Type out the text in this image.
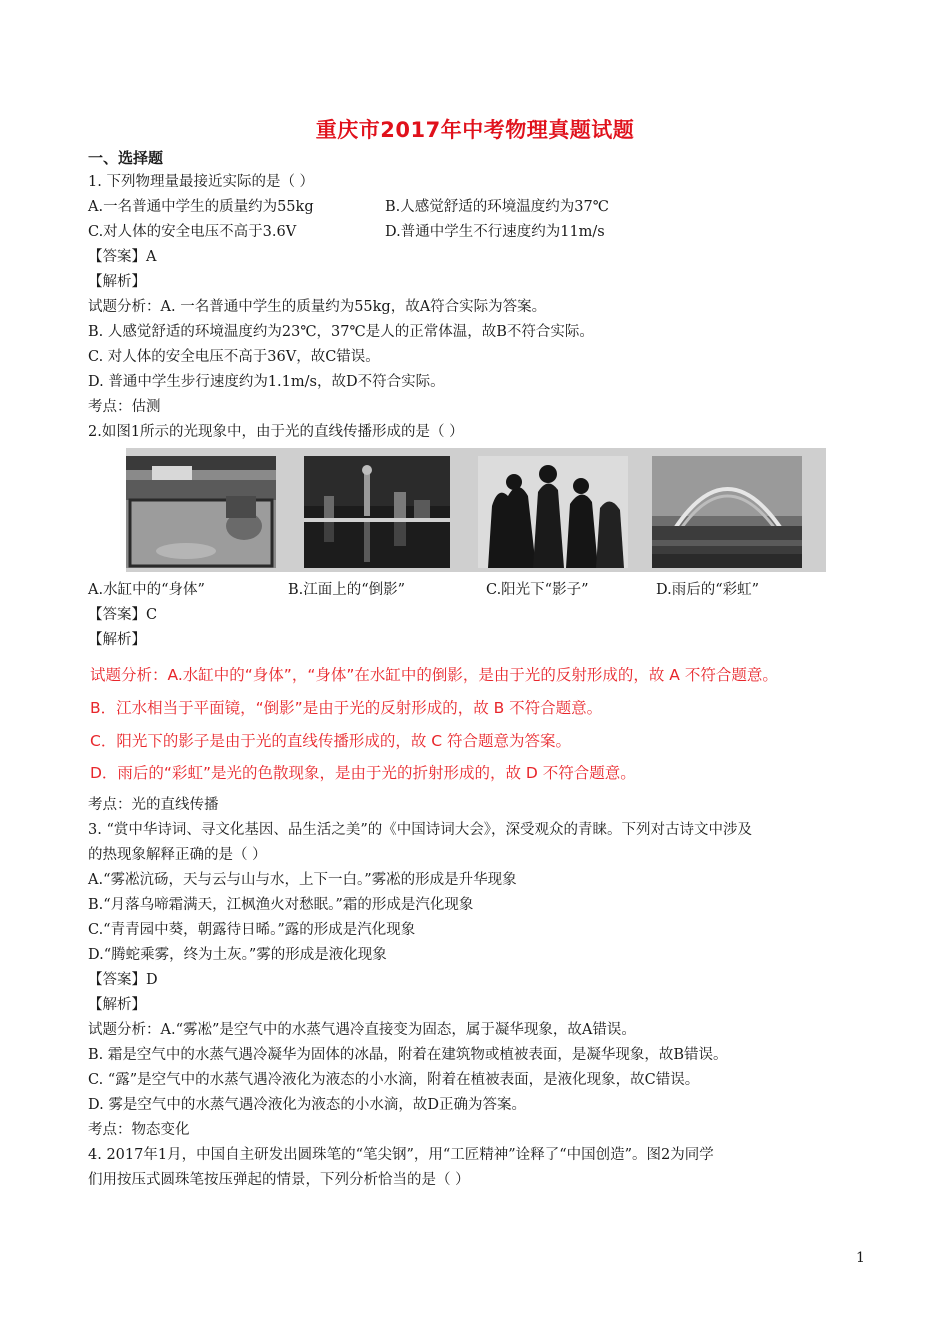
重庆市2017年中考物理真题试题
一、选择题
1. 下列物理量最接近实际的是（ ）
A.一名普通中学生的质量约为55kg	B.人感觉舒适的环境温度约为37℃
C.对人体的安全电压不高于3.6V	D.普通中学生不行速度约为11m/s
【答案】A
【解析】
试题分析：A. 一名普通中学生的质量约为55kg，故A符合实际为答案。
B. 人感觉舒适的环境温度约为23℃，37℃是人的正常体温，故B不符合实际。
C. 对人体的安全电压不高于36V，故C错误。
D. 普通中学生步行速度约为1.1m/s，故D不符合实际。
考点：估测
2.如图1所示的光现象中，由于光的直线传播形成的是（ ）
A.水缸中的“身体”	B.江面上的“倒影”	C.阳光下“影子”	D.雨后的“彩虹”
【答案】C
【解析】
试题分析：A.水缸中的“身体”，“身体”在水缸中的倒影，是由于光的反射形成的，故 A 不符合题意。
B．江水相当于平面镜，“倒影”是由于光的反射形成的，故 B 不符合题意。
C．阳光下的影子是由于光的直线传播形成的，故 C 符合题意为答案。
D．雨后的“彩虹”是光的色散现象，是由于光的折射形成的，故 D 不符合题意。
考点：光的直线传播
3. “赏中华诗词、寻文化基因、品生活之美”的《中国诗词大会》，深受观众的青睐。下列对古诗文中涉及
的热现象解释正确的是（ ）
A.“雾凇沆砀，天与云与山与水，上下一白。”雾凇的形成是升华现象
B.“月落乌啼霜满天，江枫渔火对愁眠。”霜的形成是汽化现象
C.“青青园中葵，朝露待日晞。”露的形成是汽化现象
D.“腾蛇乘雾，终为土灰。”雾的形成是液化现象
【答案】D
【解析】
试题分析：A.“雾凇”是空气中的水蒸气遇冷直接变为固态，属于凝华现象，故A错误。
B. 霜是空气中的水蒸气遇冷凝华为固体的冰晶，附着在建筑物或植被表面，是凝华现象，故B错误。
C. “露”是空气中的水蒸气遇冷液化为液态的小水滴，附着在植被表面，是液化现象，故C错误。
D. 雾是空气中的水蒸气遇冷液化为液态的小水滴，故D正确为答案。
考点：物态变化
4. 2017年1月，中国自主研发出圆珠笔的“笔尖钢”，用“工匠精神”诠释了“中国创造”。图2为同学
们用按压式圆珠笔按压弹起的情景，下列分析恰当的是（ ）
1
